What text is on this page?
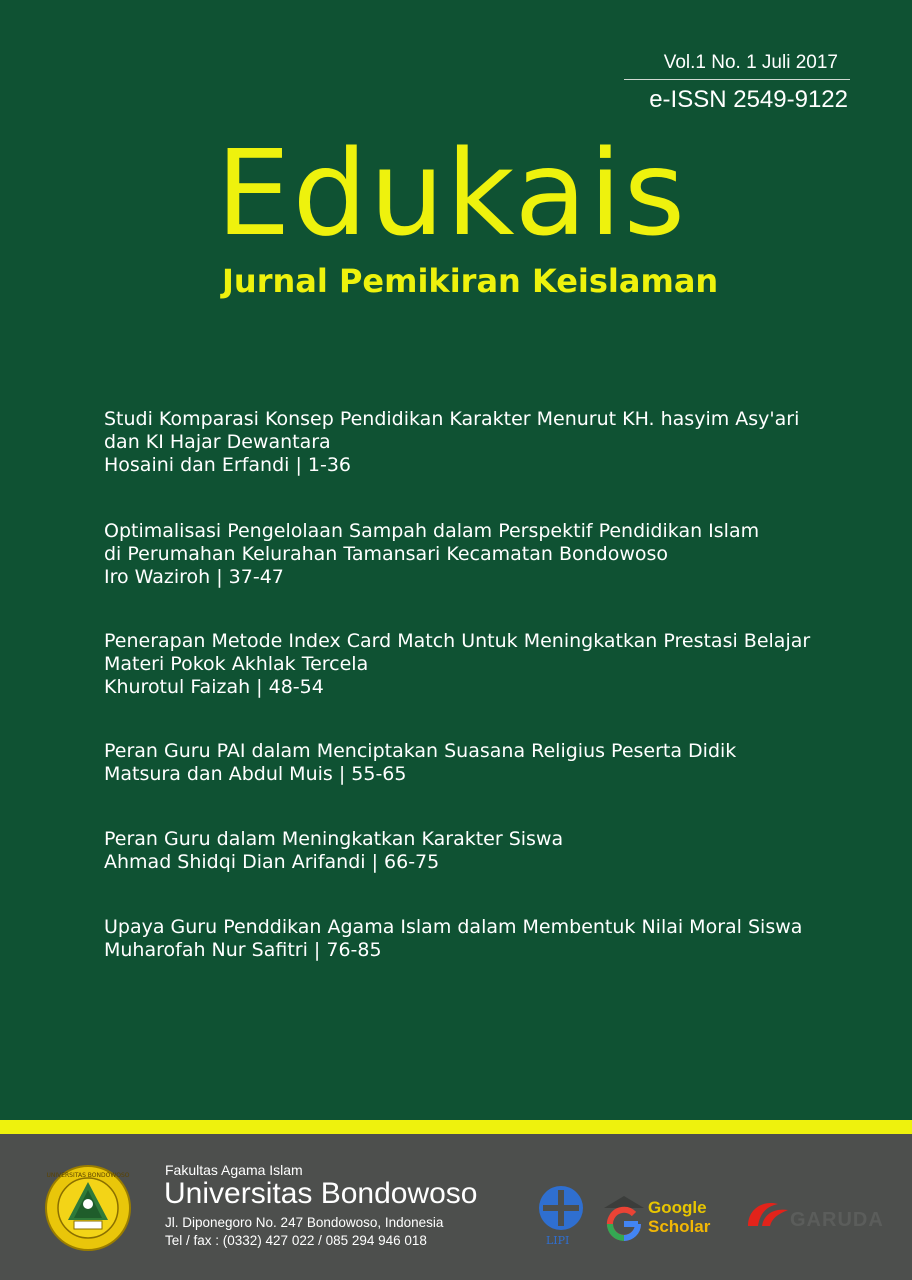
Vol.1 No. 1 Juli 2017
e-ISSN 2549-9122
Edukais
Jurnal Pemikiran Keislaman
Studi Komparasi Konsep Pendidikan Karakter Menurut KH. hasyim Asy'ari
dan KI Hajar Dewantara
Hosaini dan Erfandi | 1-36
Optimalisasi Pengelolaan Sampah dalam Perspektif Pendidikan Islam
di Perumahan Kelurahan Tamansari Kecamatan Bondowoso
Iro Waziroh | 37-47
Penerapan Metode Index Card Match Untuk Meningkatkan Prestasi Belajar
Materi Pokok Akhlak Tercela
Khurotul Faizah | 48-54
Peran Guru PAI dalam Menciptakan Suasana Religius Peserta Didik
Matsura dan Abdul Muis | 55-65
Peran Guru dalam Meningkatkan Karakter Siswa
Ahmad Shidqi Dian Arifandi | 66-75
Upaya Guru Penddikan Agama Islam dalam Membentuk Nilai Moral Siswa
Muharofah Nur Safitri | 76-85
UNIVERSITAS BONDOWOSO	Fakultas Agama Islam
Universitas Bondowoso
Jl. Diponegoro No. 247 Bondowoso, Indonesia
Tel / fax : (0332) 427 022 / 085 294 946 018	LIPI
Google
Scholar	GARUDA
